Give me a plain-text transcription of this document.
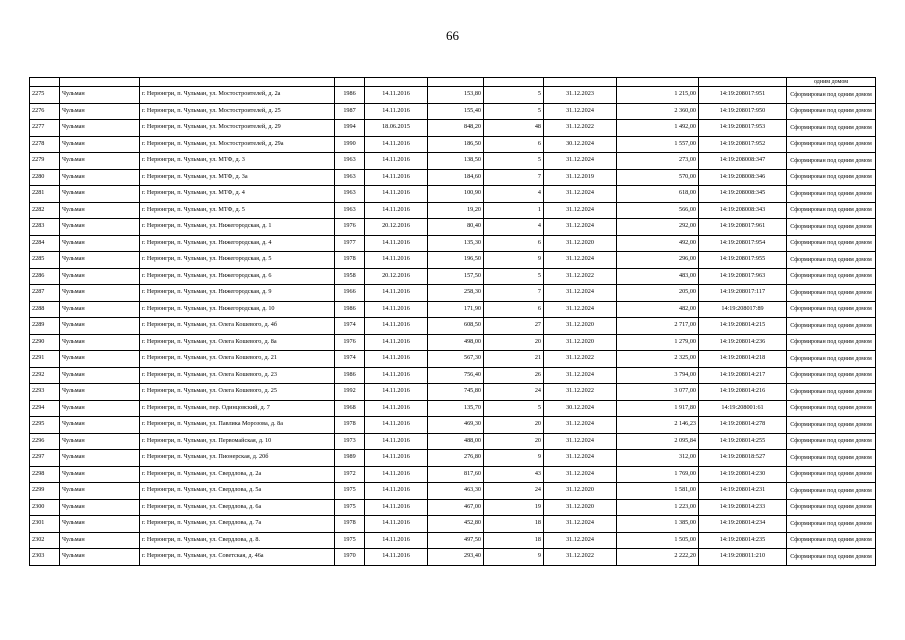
66
										одним домом
2275	Чульман	г. Нерюнгри, п. Чульман, ул. Мостостроителей, д. 2а	1986	14.11.2016	153,80	5	31.12.2023	1 215,00	14:19:208017:951	Сформирован под одним домом
2276	Чульман	г. Нерюнгри, п. Чульман, ул. Мостостроителей, д. 25	1987	14.11.2016	155,40	5	31.12.2024	2 360,00	14:19:208017:950	Сформирован под одним домом
2277	Чульман	г. Нерюнгри, п. Чульман, ул. Мостостроителей, д. 29	1994	18.06.2015	848,20	48	31.12.2022	1 492,00	14:19:208017:953	Сформирован под одним домом
2278	Чульман	г. Нерюнгри, п. Чульман, ул. Мостостроителей, д. 29а	1990	14.11.2016	186,50	6	30.12.2024	1 557,00	14:19:208017:952	Сформирован под одним домом
2279	Чульман	г. Нерюнгри, п. Чульман, ул. МТФ, д. 3	1963	14.11.2016	138,50	5	31.12.2024	273,00	14:19:208008:347	Сформирован под одним домом
2280	Чульман	г. Нерюнгри, п. Чульман, ул. МТФ, д. 3а	1963	14.11.2016	184,60	7	31.12.2019	570,00	14:19:208008:346	Сформирован под одним домом
2281	Чульман	г. Нерюнгри, п. Чульман, ул. МТФ, д. 4	1963	14.11.2016	100,90	4	31.12.2024	618,00	14:19:208008:345	Сформирован под одним домом
2282	Чульман	г. Нерюнгри, п. Чульман, ул. МТФ, д. 5	1963	14.11.2016	19,20	1	31.12.2024	566,00	14:19:208008:343	Сформирован под одним домом
2283	Чульман	г. Нерюнгри, п. Чульман, ул. Нижегородская, д. 1	1976	20.12.2016	80,40	4	31.12.2024	292,00	14:19:208017:961	Сформирован под одним домом
2284	Чульман	г. Нерюнгри, п. Чульман, ул. Нижегородская, д. 4	1977	14.11.2016	135,30	6	31.12.2020	492,00	14:19:208017:954	Сформирован под одним домом
2285	Чульман	г. Нерюнгри, п. Чульман, ул. Нижегородская, д. 5	1978	14.11.2016	196,50	9	31.12.2024	296,00	14:19:208017:955	Сформирован под одним домом
2286	Чульман	г. Нерюнгри, п. Чульман, ул. Нижегородская, д. 6	1958	20.12.2016	157,50	5	31.12.2022	483,00	14:19:208017:963	Сформирован под одним домом
2287	Чульман	г. Нерюнгри, п. Чульман, ул. Нижегородская, д. 9	1966	14.11.2016	258,30	7	31.12.2024	205,00	14:19:208017:117	Сформирован под одним домом
2288	Чульман	г. Нерюнгри, п. Чульман, ул. Нижегородская, д. 10	1986	14.11.2016	171,90	6	31.12.2024	482,00	14:19:208017:89	Сформирован под одним домом
2289	Чульман	г. Нерюнгри, п. Чульман, ул. Олега Кошевого, д. 4б	1974	14.11.2016	608,50	27	31.12.2020	2 717,00	14:19:208014:215	Сформирован под одним домом
2290	Чульман	г. Нерюнгри, п. Чульман, ул. Олега Кошевого, д. 8а	1976	14.11.2016	498,00	20	31.12.2020	1 279,00	14:19:208014:236	Сформирован под одним домом
2291	Чульман	г. Нерюнгри, п. Чульман, ул. Олега Кошевого, д. 21	1974	14.11.2016	567,30	21	31.12.2022	2 325,00	14:19:208014:218	Сформирован под одним домом
2292	Чульман	г. Нерюнгри, п. Чульман, ул. Олега Кошевого, д. 23	1986	14.11.2016	756,40	26	31.12.2024	3 794,00	14:19:208014:217	Сформирован под одним домом
2293	Чульман	г. Нерюнгри, п. Чульман, ул. Олега Кошевого, д. 25	1992	14.11.2016	745,80	24	31.12.2022	3 077,00	14:19:208014:216	Сформирован под одним домом
2294	Чульман	г. Нерюнгри, п. Чульман, пер. Одинцовский, д. 7	1968	14.11.2016	135,70	5	30.12.2024	1 917,80	14:19:208001:61	Сформирован под одним домом
2295	Чульман	г. Нерюнгри, п. Чульман, ул. Павлика Морозова, д. 8а	1978	14.11.2016	469,30	20	31.12.2024	2 146,23	14:19:208014:278	Сформирован под одним домом
2296	Чульман	г. Нерюнгри, п. Чульман, ул. Первомайская, д. 10	1973	14.11.2016	488,00	20	31.12.2024	2 095,84	14:19:208014:255	Сформирован под одним домом
2297	Чульман	г. Нерюнгри, п. Чульман, ул. Пионерская, д. 20б	1989	14.11.2016	276,80	9	31.12.2024	312,00	14:19:208018:527	Сформирован под одним домом
2298	Чульман	г. Нерюнгри, п. Чульман, ул. Свердлова, д. 2а	1972	14.11.2016	817,60	43	31.12.2024	1 769,00	14:19:208014:230	Сформирован под одним домом
2299	Чульман	г. Нерюнгри, п. Чульман, ул. Свердлова, д. 5а	1975	14.11.2016	463,30	24	31.12.2020	1 581,00	14:19:208014:231	Сформирован под одним домом
2300	Чульман	г. Нерюнгри, п. Чульман, ул. Свердлова, д. 6а	1975	14.11.2016	467,00	19	31.12.2020	1 223,00	14:19:208014:233	Сформирован под одним домом
2301	Чульман	г. Нерюнгри, п. Чульман, ул. Свердлова, д. 7а	1978	14.11.2016	452,80	18	31.12.2024	1 385,00	14:19:208014:234	Сформирован под одним домом
2302	Чульман	г. Нерюнгри, п. Чульман, ул. Свердлова, д. 8.	1975	14.11.2016	497,50	18	31.12.2024	1 505,00	14:19:208014:235	Сформирован под одним домом
2303	Чульман	г. Нерюнгри, п. Чульман, ул. Советская, д. 46а	1970	14.11.2016	293,40	9	31.12.2022	2 222,20	14:19:208011:210	Сформирован под одним домом
